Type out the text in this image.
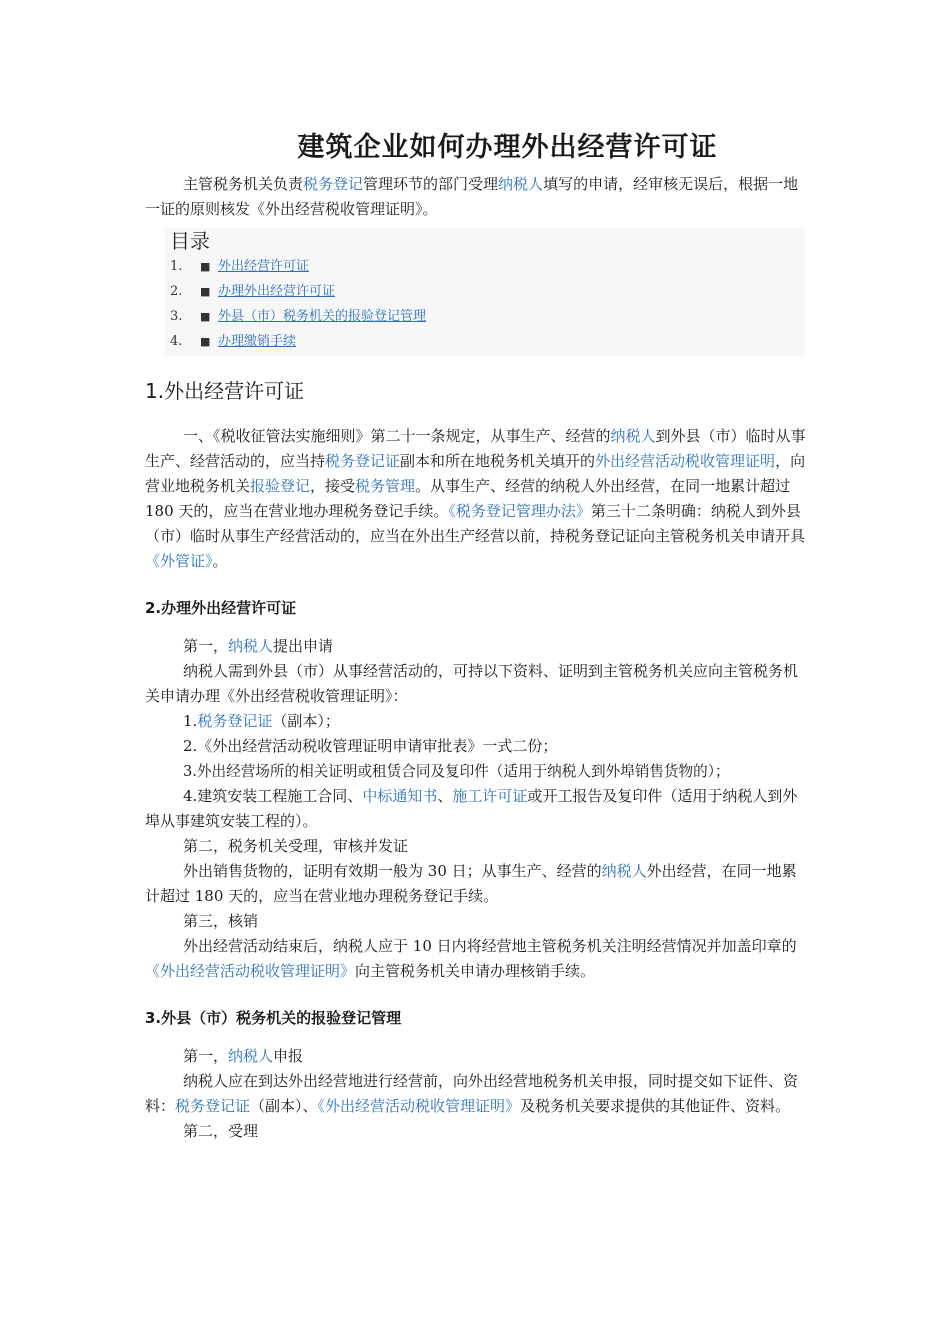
建筑企业如何办理外出经营许可证

主管税务机关负责税务登记管理环节的部门受理纳税人填写的申请，经审核无误后，根据一地一证的原则核发《外出经营税收管理证明》。

目录
1. ■ 外出经营许可证
2. ■ 办理外出经营许可证
3. ■ 外县（市）税务机关的报验登记管理
4. ■ 办理缴销手续
1.外出经营许可证

一、《税收征管法实施细则》第二十一条规定，从事生产、经营的纳税人到外县（市）临时从事生产、经营活动的，应当持税务登记证副本和所在地税务机关填开的外出经营活动税收管理证明，向营业地税务机关报验登记，接受税务管理。从事生产、经营的纳税人外出经营，在同一地累计超过 180 天的，应当在营业地办理税务登记手续。《税务登记管理办法》第三十二条明确：纳税人到外县（市）临时从事生产经营活动的，应当在外出生产经营以前，持税务登记证向主管税务机关申请开具《外管证》。

2.办理外出经营许可证

第一，纳税人提出申请

纳税人需到外县（市）从事经营活动的，可持以下资料、证明到主管税务机关应向主管税务机关申请办理《外出经营税收管理证明》：

1.税务登记证（副本）；

2.《外出经营活动税收管理证明申请审批表》一式二份；

3.外出经营场所的相关证明或租赁合同及复印件（适用于纳税人到外埠销售货物的）；

4.建筑安装工程施工合同、中标通知书、施工许可证或开工报告及复印件（适用于纳税人到外埠从事建筑安装工程的）。

第二，税务机关受理，审核并发证

外出销售货物的，证明有效期一般为 30 日；从事生产、经营的纳税人外出经营，在同一地累计超过 180 天的，应当在营业地办理税务登记手续。

第三，核销

外出经营活动结束后，纳税人应于 10 日内将经营地主管税务机关注明经营情况并加盖印章的《外出经营活动税收管理证明》向主管税务机关申请办理核销手续。

3.外县（市）税务机关的报验登记管理

第一，纳税人申报

纳税人应在到达外出经营地进行经营前，向外出经营地税务机关申报，同时提交如下证件、资料：税务登记证（副本）、《外出经营活动税收管理证明》及税务机关要求提供的其他证件、资料。

第二，受理
